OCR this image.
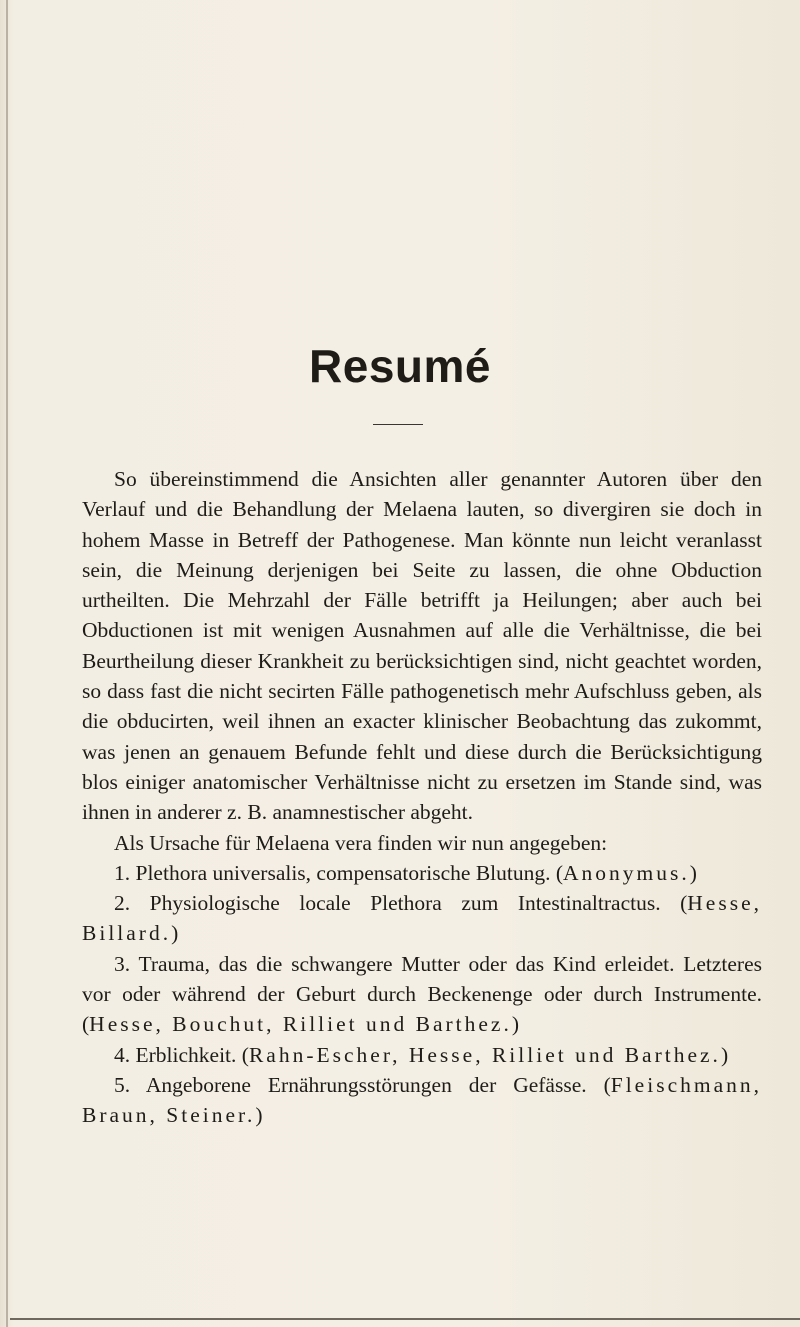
Resumé

So übereinstimmend die Ansichten aller genannter Autoren über den Verlauf und die Behandlung der Melaena lauten, so divergiren sie doch in hohem Masse in Betreff der Pathogenese. Man könnte nun leicht veranlasst sein, die Meinung derjenigen bei Seite zu lassen, die ohne Obduction urtheilten. Die Mehrzahl der Fälle betrifft ja Heilungen; aber auch bei Obductionen ist mit wenigen Ausnahmen auf alle die Verhältnisse, die bei Beurtheilung dieser Krankheit zu berücksichtigen sind, nicht geachtet worden, so dass fast die nicht secirten Fälle pathogenetisch mehr Aufschluss geben, als die obducirten, weil ihnen an exacter klinischer Beobachtung das zukommt, was jenen an genauem Befunde fehlt und diese durch die Berücksichtigung blos einiger anatomischer Verhältnisse nicht zu ersetzen im Stande sind, was ihnen in anderer z. B. anamnestischer abgeht.

Als Ursache für Melaena vera finden wir nun angegeben:

1. Plethora universalis, compensatorische Blutung. (Anonymus.)

2. Physiologische locale Plethora zum Intestinaltractus. (Hesse, Billard.)

3. Trauma, das die schwangere Mutter oder das Kind erleidet. Letzteres vor oder während der Geburt durch Beckenenge oder durch Instrumente. (Hesse, Bouchut, Rilliet und Barthez.)

4. Erblichkeit. (Rahn-Escher, Hesse, Rilliet und Barthez.)

5. Angeborene Ernährungsstörungen der Gefässe. (Fleischmann, Braun, Steiner.)
